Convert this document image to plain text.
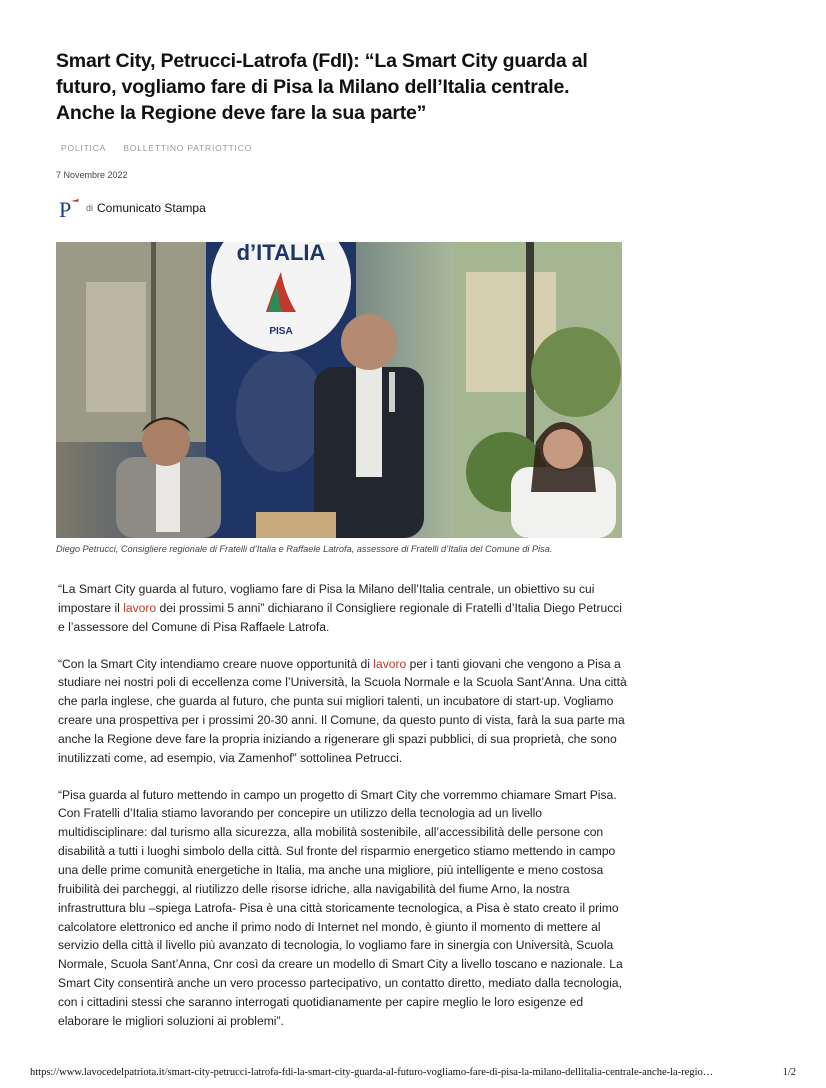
Smart City, Petrucci-Latrofa (FdI): “La Smart City guarda al futuro, vogliamo fare di Pisa la Milano dell’Italia centrale. Anche la Regione deve fare la sua parte”
POLITICA BOLLETTINO PATRIOTTICO
7 Novembre 2022
P di Comunicato Stampa
d’ITALIA
PISA
Diego Petrucci, Consigliere regionale di Fratelli d’Italia e Raffaele Latrofa, assessore di Fratelli d’Italia del Comune di Pisa.

“La Smart City guarda al futuro, vogliamo fare di Pisa la Milano dell’Italia centrale, un obiettivo su cui impostare il lavoro dei prossimi 5 anni” dichiarano il Consigliere regionale di Fratelli d’Italia Diego Petrucci e l’assessore del Comune di Pisa Raffaele Latrofa.

“Con la Smart City intendiamo creare nuove opportunità di lavoro per i tanti giovani che vengono a Pisa a studiare nei nostri poli di eccellenza come l’Università, la Scuola Normale e la Scuola Sant’Anna. Una città che parla inglese, che guarda al futuro, che punta sui migliori talenti, un incubatore di start-up. Vogliamo creare una prospettiva per i prossimi 20-30 anni. Il Comune, da questo punto di vista, farà la sua parte ma anche la Regione deve fare la propria iniziando a rigenerare gli spazi pubblici, di sua proprietà, che sono inutilizzati come, ad esempio, via Zamenhof” sottolinea Petrucci.

“Pisa guarda al futuro mettendo in campo un progetto di Smart City che vorremmo chiamare Smart Pisa. Con Fratelli d’Italia stiamo lavorando per concepire un utilizzo della tecnologia ad un livello multidisciplinare: dal turismo alla sicurezza, alla mobilità sostenibile, all’accessibilità delle persone con disabilità a tutti i luoghi simbolo della città. Sul fronte del risparmio energetico stiamo mettendo in campo una delle prime comunità energetiche in Italia, ma anche una migliore, più intelligente e meno costosa fruibilità dei parcheggi, al riutilizzo delle risorse idriche, alla navigabilità del fiume Arno, la nostra infrastruttura blu –spiega Latrofa- Pisa è una città storicamente tecnologica, a Pisa è stato creato il primo calcolatore elettronico ed anche il primo nodo di Internet nel mondo, è giunto il momento di mettere al servizio della città il livello più avanzato di tecnologia, lo vogliamo fare in sinergia con Università, Scuola Normale, Scuola Sant’Anna, Cnr così da creare un modello di Smart City a livello toscano e nazionale. La Smart City consentirà anche un vero processo partecipativo, un contatto diretto, mediato dalla tecnologia, con i cittadini stessi che saranno interrogati quotidianamente per capire meglio le loro esigenze ed elaborare le migliori soluzioni ai problemi”.

https://www.lavocedelpatriota.it/smart-city-petrucci-latrofa-fdi-la-smart-city-guarda-al-futuro-vogliamo-fare-di-pisa-la-milano-dellitalia-centrale-anche-la-regio…	1/2
